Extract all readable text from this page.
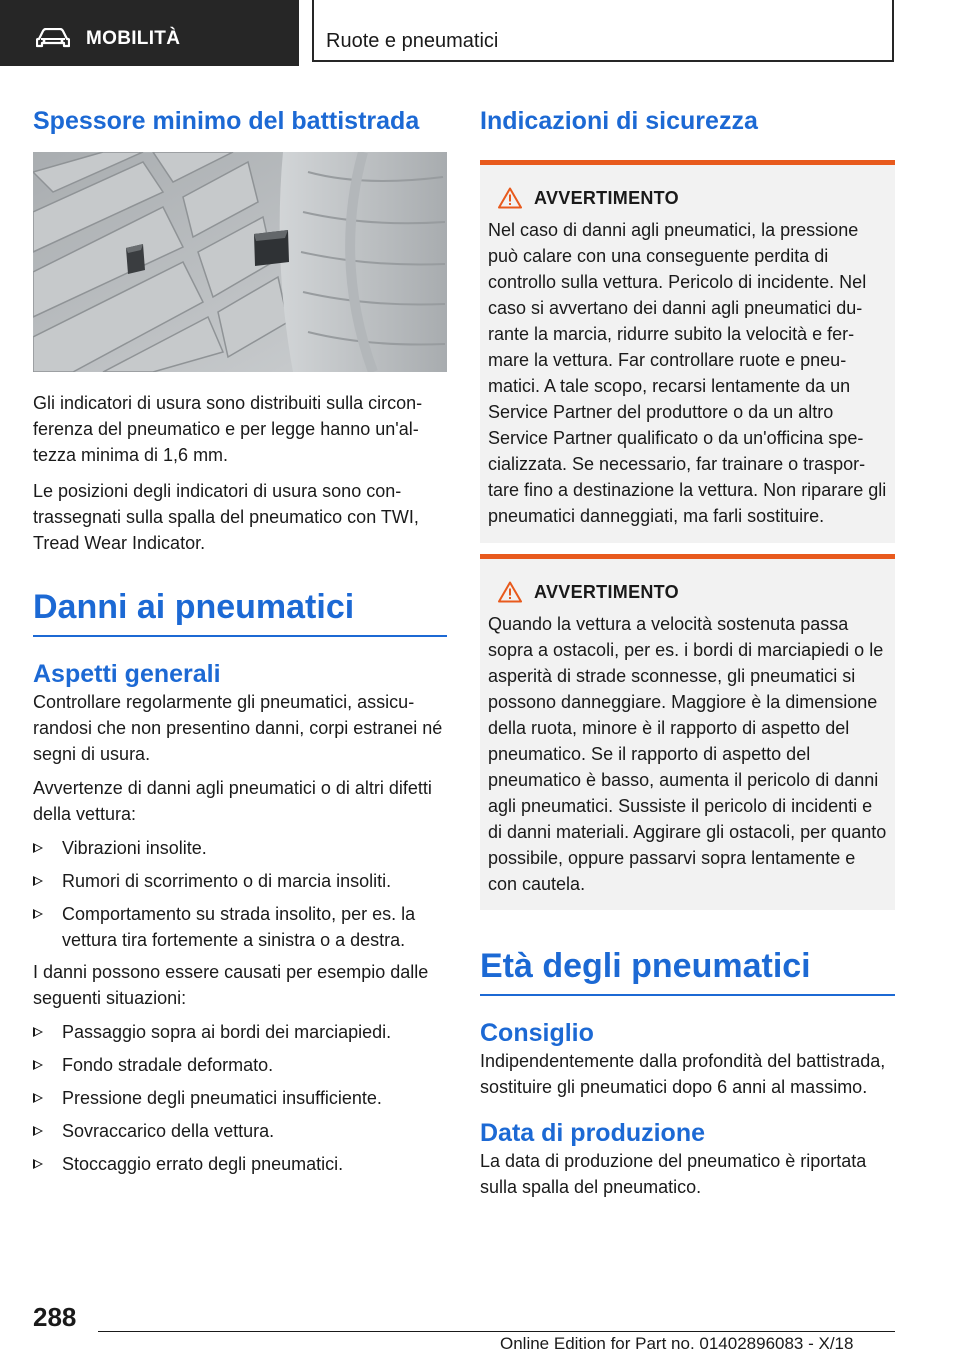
MOBILITÀ	Ruote e pneumatici
Spessore minimo del battistrada

Gli indicatori di usura sono distribuiti sulla circonferenza del pneumatico e per legge hanno un'altezza minima di 1,6 mm.

Le posizioni degli indicatori di usura sono contrassegnati sulla spalla del pneumatico con TWI, Tread Wear Indicator.

Danni ai pneumatici
Aspetti generali

Controllare regolarmente gli pneumatici, assicurandosi che non presentino danni, corpi estranei né segni di usura.

Avvertenze di danni agli pneumatici o di altri difetti della vettura:

Vibrazioni insolite.
Rumori di scorrimento o di marcia insoliti.
Comportamento su strada insolito, per es. la vettura tira fortemente a sinistra o a destra.

I danni possono essere causati per esempio dalle seguenti situazioni:

Passaggio sopra ai bordi dei marciapiedi.
Fondo stradale deformato.
Pressione degli pneumatici insufficiente.
Sovraccarico della vettura.
Stoccaggio errato degli pneumatici.
Indicazioni di sicurezza
AVVERTIMENTO

Nel caso di danni agli pneumatici, la pressione può calare con una conseguente perdita di controllo sulla vettura. Pericolo di incidente. Nel caso si avvertano dei danni agli pneumatici durante la marcia, ridurre subito la velocità e fermare la vettura. Far controllare ruote e pneumatici. A tale scopo, recarsi lentamente da un Service Partner del produttore o da un altro Service Partner qualificato o da un'officina specializzata. Se necessario, far trainare o trasportare fino a destinazione la vettura. Non riparare gli pneumatici danneggiati, ma farli sostituire.

AVVERTIMENTO

Quando la vettura a velocità sostenuta passa sopra a ostacoli, per es. i bordi di marciapiedi o le asperità di strade sconnesse, gli pneumatici si possono danneggiare. Maggiore è la dimensione della ruota, minore è il rapporto di aspetto del pneumatico. Se il rapporto di aspetto del pneumatico è basso, aumenta il pericolo di danni agli pneumatici. Sussiste il pericolo di incidenti e di danni materiali. Aggirare gli ostacoli, per quanto possibile, oppure passarvi sopra lentamente e con cautela.

Età degli pneumatici
Consiglio

Indipendentemente dalla profondità del battistrada, sostituire gli pneumatici dopo 6 anni al massimo.

Data di produzione

La data di produzione del pneumatico è riportata sulla spalla del pneumatico.

288
Online Edition for Part no. 01402896083 - X/18
